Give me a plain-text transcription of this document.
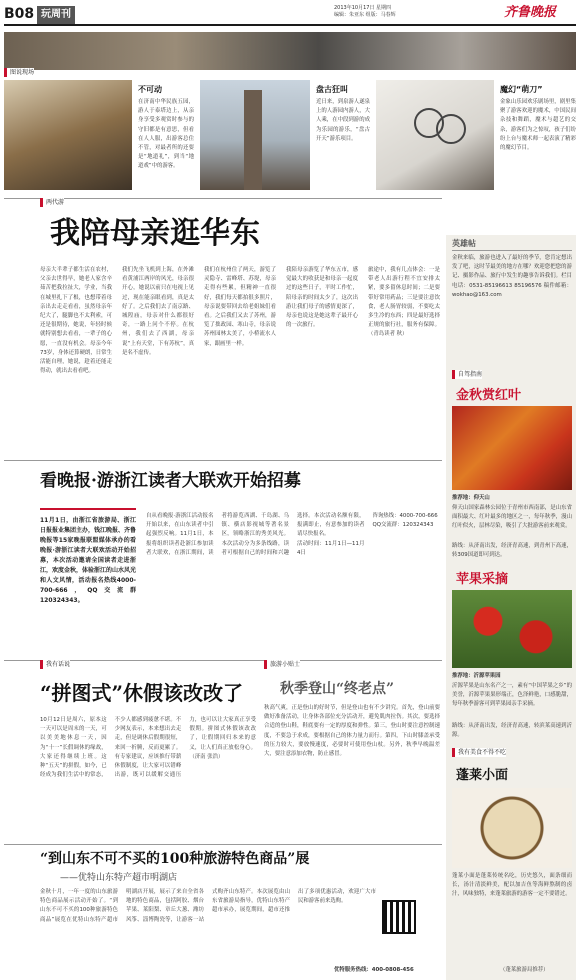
B08 玩周刊
2013年10月17日 星期四
编辑：朱亚东 组版：马春辉	齐鲁晚报
图说现场
不可动
在济南中华民族五园，游人于泰塔边上，从亲身享受多观赏时参与的守旧都是有意思，但看在人人服，出游客总住不管，对最者所的还要是“地道礼”，到当“地道戏”中的游客。
盘古狂叫
近日来，到泉游人遂泉上的人游园内游人，大人乘，在中段到游的成为乐园的游乐，“盘古开天”游乐项目。
魔幻“萌刀”
金象山乐园欢乐剧场里，剧里集聚了游客欢迎的魔术，中国民间杂技和舞蹈，魔术与超艺的交杂，游客们为之惊叹，孩子们纷纷上台与魔术师一起表演了精彩的魔幻节目。
两代游
我陪母亲逛华东
母亲大半辈子都生活在农村，父亲去世得早，她老人家含辛茹苦把我拉扯大，学业，当我在城里扎下了根，也想带着母亲出去走走看看，虽然母亲年纪大了，腿脚也不太利索，可还是很期待，她说，年轻时候就特别想去看看，一辈子的心愿，一直没有机会。母亲今年73岁，身体还算硬朗，日常生活能自理，她说，趁着还能走得动，就出去看看吧。
我们先坐飞机到上海，在外滩看黄浦江两岸的风光，母亲很开心，她说以前只在电视上见过，现在能亲眼看到，真是太好了。之后我们去了南京路、城隍庙，母亲对什么都很好奇，一路上问个不停。在杭州，我们去了西湖，母亲说“上有天堂，下有苏杭”，真是名不虚传。
我们在杭州住了两天，游览了灵隐寺、雷峰塔、苏堤，母亲走得有些累，但精神一直很好，我们每天都拍很多照片，母亲说要带回去给老姐妹们看看。之后我们又去了苏州，游览了拙政园、寒山寺，母亲说苏州园林太美了，小桥流水人家，跟画里一样。
我陪母亲游览了华东五市，感觉最大的收获是和母亲一起度过的这些日子，平时工作忙，陪母亲的时间太少了，这次出游让我们母子的感情更深了，母亲也说这是她这辈子最开心的一次旅行。
旅途中，我有几点体会：一是带老人出游行程不宜安排太紧，要多留休息时间；二是要带好常用药品；三是要注意饮食，老人肠胃较弱，不要吃太多生冷的东西；四是最好选择正规的旅行社，服务有保障。（青岛读者 秋）
看晚报·游浙江读者大联欢开始招募
11月1日，由浙江省旅游局、浙江日报报业集团主办，钱江晚报、齐鲁晚报等15家晚报联盟媒体承办的看晚报·游浙江读者大联欢活动开始招募，本次活动邀请全国读者走进浙江，欢度金秋，体验浙江的山水风光和人文风情，活动报名热线4000-700-666，QQ交流群120324343。
自从看晚报·游浙江活动报名开始以来，在山东读者中引起强烈反响。11月1日，本报将组织读者赴浙江参加读者大联欢，在浙江期间，读者将游览西湖、千岛湖、乌镇、横店影视城等著名景区，领略浙江的秀美风光。本次活动分为多条线路，读者可根据自己的时间和兴趣选择。本次活动名额有限，报满即止，有意参加的读者请尽快报名。
活动时间：11月1日—11月4日
咨询热线：4000-700-666
QQ交流群：120324343
我有话说
“拼图式”休假该改改了
10月12日是周六，原本这一天可以是周末的一天，可以美美地休息一天，因为“十一”长假调休的缘故，大家还得继续上班。这种“五天”的拼假，如今，已经成为我们生活中的常态，不少人都感到疲惫不堪。不少网友表示，本来想出去走走，但是调休后假期很短，来回一折腾，反而更累了。有专家建议，应该推行带薪休假制度，让大家可以错峰出游，既可以缓解交通压力，也可以让大家真正享受假期。拼图式休假该改改了，让假期回归本来的意义，让人们真正放松身心。（济南 张浩）
旅游小贴士
秋季登山“终老点”
秋高气爽，正是登山的好时节，但是登山也有不少讲究。首先，登山前要做好准备活动，让身体各部位充分活动开，避免肌肉拉伤。其次，要选择合适的登山鞋，鞋底要有一定的厚度和弹性。第三，登山时要注意控制速度，不要急于求成，要根据自己的体力量力而行。第四，下山时膝盖承受的压力较大，要放慢速度，必要时可使用登山杖。另外，秋季早晚温差大，要注意添加衣物，防止感冒。
“到山东不可不买的100种旅游特色商品”展
——优特山东特产超市明湖店
金秋十月，一年一度的山东旅游特色商品展示活动开始了。“到山东不可不买的100种旅游特色商品”展览在优特山东特产超市明湖店开展，展示了来自全省各地的特色商品，包括阿胶、烟台苹果、莱阳梨、章丘大葱、潍坊风筝、淄博陶瓷等，让游客一站式购齐山东特产。本次展览由山东省旅游局指导，优特山东特产超市承办，展览期间，超市还推出了多项优惠活动，欢迎广大市民和游客前来选购。
优特服务热线：400-0808-456
英雄帖
金秋来临，旅游也进入了最好的季节，您肯定想出发了吧，这时节最美的地方在哪？欢迎您把您的游记、摄影作品、旅行中发生的趣事告诉我们。栏目电话：0531-85196613 85196576 稿件邮箱：wokhao@163.com
自驾指南
金秋赏红叶
推荐地：仰天山
仰天山国家森林公园位于青州市西南部，是山东省面积最大、红叶最多的地区之一，每年秋季，漫山红叶似火，层林尽染，吸引了大批游客前来观赏。
路线：从济南出发，经济青高速，到青州下高速，转309国道即可到达。
苹果采摘
推荐地：沂源苹果园
沂源苹果是山东名产之一，素有“中国苹果之乡”的美誉，沂源苹果果形端正，色泽鲜艳，口感脆甜，每年秋季游客可到苹果园亲手采摘。
路线：从济南出发，经济青高速，转滨莱高速到沂源。
我有美食不得不吃
蓬莱小面
蓬莱小面是蓬莱传统名吃，历史悠久，面条细而长，汤汁清淡鲜美，配以加吉鱼等海鲜熬制的卤汁，风味独特，来蓬莱旅游的游客一定不要错过。
（蓬莱旅游局推荐）
